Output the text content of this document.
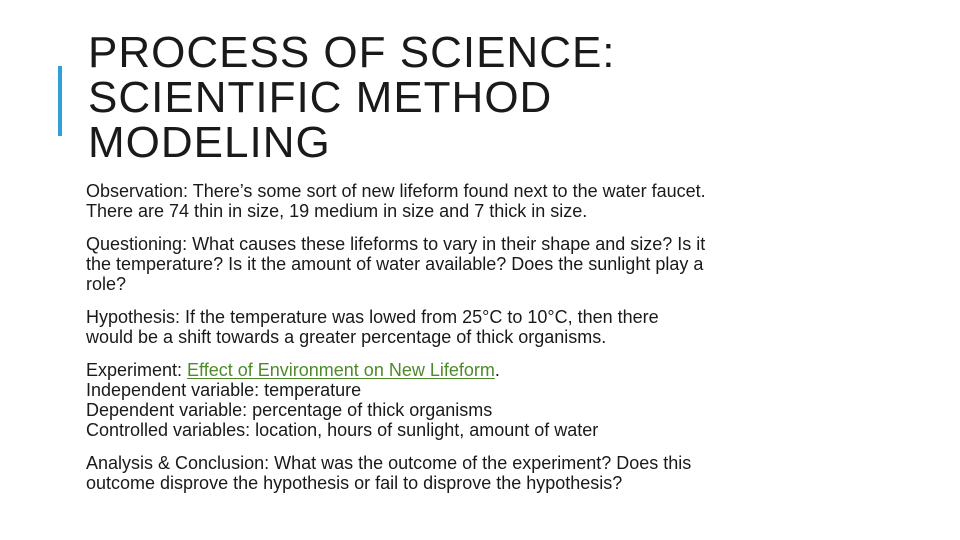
PROCESS OF SCIENCE:
SCIENTIFIC METHOD
MODELING

Observation: There’s some sort of new lifeform found next to the water faucet.
There are 74 thin in size, 19 medium in size and 7 thick in size.

Questioning: What causes these lifeforms to vary in their shape and size? Is it
the temperature? Is it the amount of water available? Does the sunlight play a
role?

Hypothesis: If the temperature was lowed from 25°C to 10°C, then there
would be a shift towards a greater percentage of thick organisms.

Experiment: Effect of Environment on New Lifeform.
Independent variable: temperature
Dependent variable: percentage of thick organisms
Controlled variables: location, hours of sunlight, amount of water

Analysis & Conclusion: What was the outcome of the experiment? Does this
outcome disprove the hypothesis or fail to disprove the hypothesis?
